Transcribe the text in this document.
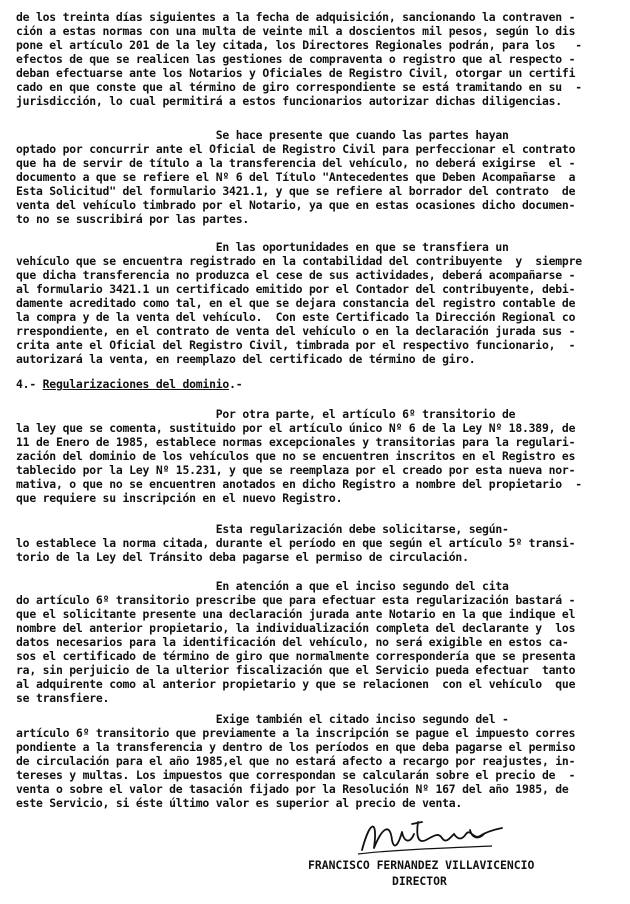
de los treinta días siguientes a la fecha de adquisición, sancionando la contraven -
ción a estas normas con una multa de veinte mil a doscientos mil pesos, según lo dis
pone el artículo 201 de la ley citada, los Directores Regionales podrán, para los   -
efectos de que se realicen las gestiones de compraventa o registro que al respecto -
deban efectuarse ante los Notarios y Oficiales de Registro Civil, otorgar un certifi
cado en que conste que al término de giro correspondiente se está tramitando en su  -
jurisdicción, lo cual permitirá a estos funcionarios autorizar dichas diligencias.
Se hace presente que cuando las partes hayan
optado por concurrir ante el Oficial de Registro Civil para perfeccionar el contrato
que ha de servir de título a la transferencia del vehículo, no deberá exigirse  el -
documento a que se refiere el Nº 6 del Título "Antecedentes que Deben Acompañarse  a
Esta Solicitud" del formulario 3421.1, y que se refiere al borrador del contrato  de
venta del vehículo timbrado por el Notario, ya que en estas ocasiones dicho documen-
to no se suscribirá por las partes.
En las oportunidades en que se transfiera un
vehículo que se encuentra registrado en la contabilidad del contribuyente  y  siempre
que dicha transferencia no produzca el cese de sus actividades, deberá acompañarse -
al formulario 3421.1 un certificado emitido por el Contador del contribuyente, debi-
damente acreditado como tal, en el que se dejara constancia del registro contable de
la compra y de la venta del vehículo.  Con este Certificado la Dirección Regional co
rrespondiente, en el contrato de venta del vehículo o en la declaración jurada sus -
crita ante el Oficial del Registro Civil, timbrada por el respectivo funcionario,  -
autorizará la venta, en reemplazo del certificado de término de giro.
Por otra parte, el artículo 6º transitorio de
la ley que se comenta, sustituido por el artículo único Nº 6 de la Ley Nº 18.389, de
11 de Enero de 1985, establece normas excepcionales y transitorias para la regulari-
zación del dominio de los vehículos que no se encuentren inscritos en el Registro es
tablecido por la Ley Nº 15.231, y que se reemplaza por el creado por esta nueva nor-
mativa, o que no se encuentren anotados en dicho Registro a nombre del propietario  -
que requiere su inscripción en el nuevo Registro.
Esta regularización debe solicitarse, según-
lo establece la norma citada, durante el período en que según el artículo 5º transi-
torio de la Ley del Tránsito deba pagarse el permiso de circulación.
En atención a que el inciso segundo del cita
do artículo 6º transitorio prescribe que para efectuar esta regularización bastará -
que el solicitante presente una declaración jurada ante Notario en la que indique el
nombre del anterior propietario, la individualización completa del declarante y  los
datos necesarios para la identificación del vehículo, no será exigible en estos ca-
sos el certificado de término de giro que normalmente correspondería que se presenta
ra, sin perjuicio de la ulterior fiscalización que el Servicio pueda efectuar  tanto
al adquirente como al anterior propietario y que se relacionen  con el vehículo  que
se transfiere.
Exige también el citado inciso segundo del -
artículo 6º transitorio que previamente a la inscripción se pague el impuesto corres
pondiente a la transferencia y dentro de los períodos en que deba pagarse el permiso
de circulación para el año 1985,el que no estará afecto a recargo por reajustes, in-
tereses y multas. Los impuestos que correspondan se calcularán sobre el precio de  -
venta o sobre el valor de tasación fijado por la Resolución Nº 167 del año 1985, de
este Servicio, si éste último valor es superior al precio de venta.
4.- Regularizaciones del dominio.-
FRANCISCO FERNANDEZ VILLAVICENCIO
DIRECTOR
